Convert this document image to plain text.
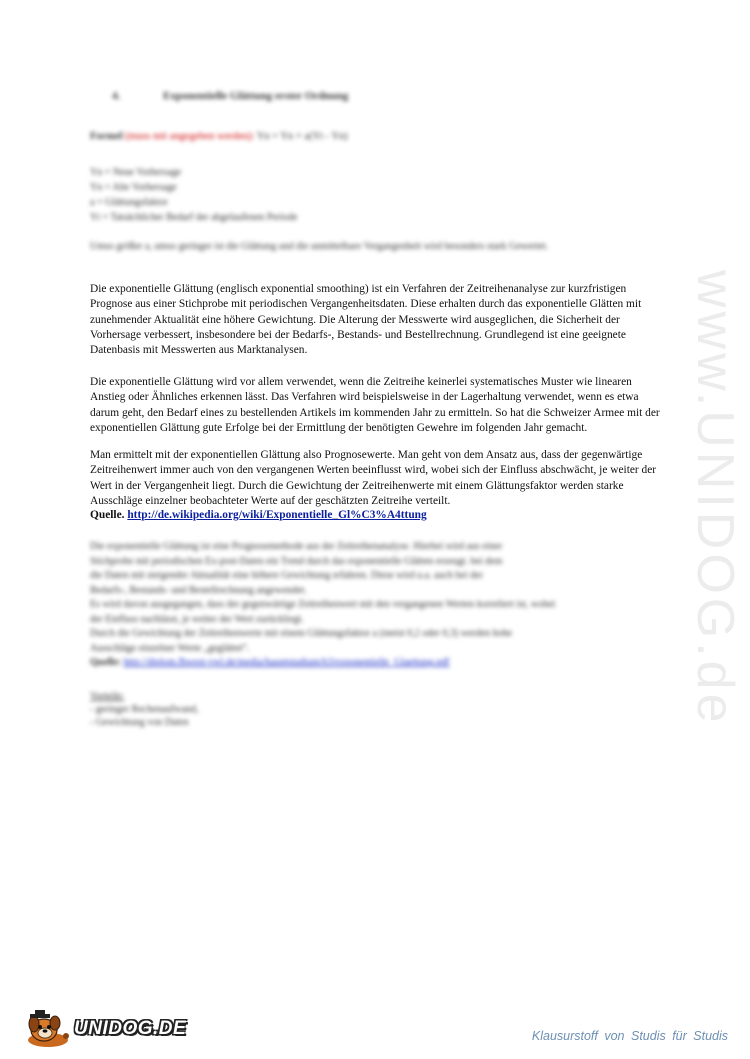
www.UNIDOG.de
4.	Exponentielle Glättung erster Ordnung
Formel (muss mit angegeben werden): Yn = Yn + a(Yt - Yn)
Yn = Neue Vorhersage
Yn = Alte Vorhersage
a = Glättungsfaktor
Yt = Tatsächlicher Bedarf der abgelaufenen Periode
Umso größer a, umso geringer ist die Glättung und die unmittelbare Vergangenheit wird besonders stark Gewertet.
Die exponentielle Glättung (englisch exponential smoothing) ist ein Verfahren der Zeitreihenanalyse zur kurzfristigen Prognose aus einer Stichprobe mit periodischen Vergangenheitsdaten. Diese erhalten durch das exponentielle Glätten mit zunehmender Aktualität eine höhere Gewichtung. Die Alterung der Messwerte wird ausgeglichen, die Sicherheit der Vorhersage verbessert, insbesondere bei der Bedarfs-, Bestands- und Bestellrechnung. Grundlegend ist eine geeignete Datenbasis mit Messwerten aus Marktanalysen.
Die exponentielle Glättung wird vor allem verwendet, wenn die Zeitreihe keinerlei systematisches Muster wie linearen Anstieg oder Ähnliches erkennen lässt. Das Verfahren wird beispielsweise in der Lagerhaltung verwendet, wenn es etwa darum geht, den Bedarf eines zu bestellenden Artikels im kommenden Jahr zu ermitteln. So hat die Schweizer Armee mit der exponentiellen Glättung gute Erfolge bei der Ermittlung der benötigten Gewehre im folgenden Jahr gemacht.
Man ermittelt mit der exponentiellen Glättung also Prognosewerte. Man geht von dem Ansatz aus, dass der gegenwärtige Zeitreihenwert immer auch von den vergangenen Werten beeinflusst wird, wobei sich der Einfluss abschwächt, je weiter der Wert in der Vergangenheit liegt. Durch die Gewichtung der Zeitreihenwerte mit einem Glättungsfaktor werden starke Ausschläge einzelner beobachteter Werte auf der geschätzten Zeitreihe verteilt.
Quelle. http://de.wikipedia.org/wiki/Exponentielle_Gl%C3%A4ttung
Die exponentielle Glättung ist eine Prognosemethode aus der Zeitreihenanalyse. Hierbei wird aus einer
Stichprobe mit periodischen Ex-post-Daten ein Trend durch das exponentielle Glätten erzeugt. bei dem
die Daten mit steigender Aktualität eine höhere Gewichtung erfahren. Diese wird u.a. auch bei der
Bedarfs-, Bestands- und Bestellrechnung angewendet.
Es wird davon ausgegangen, dass der gegenwärtige Zeitreihenwert mit den vergangenen Werten korreliert ist, wobei
der Einfluss nachlässt, je weiter der Wert zurückliegt.
Durch die Gewichtung der Zeitreihenwerte mit einem Glättungsfaktor a (meist 0,2 oder 0,3) werden hohe
Ausschläge einzelner Werte „geglättet“.
Quelle: http://diplom.fhwest-vwl.de/media/hauptstudium/b3/exponentielle_Glaettung.pdf
Vorteile:
- geringer Rechenaufwand,
- Gewichtung von Daten
UNIDOG.DE	Klausurstoff von Studis für Studis
